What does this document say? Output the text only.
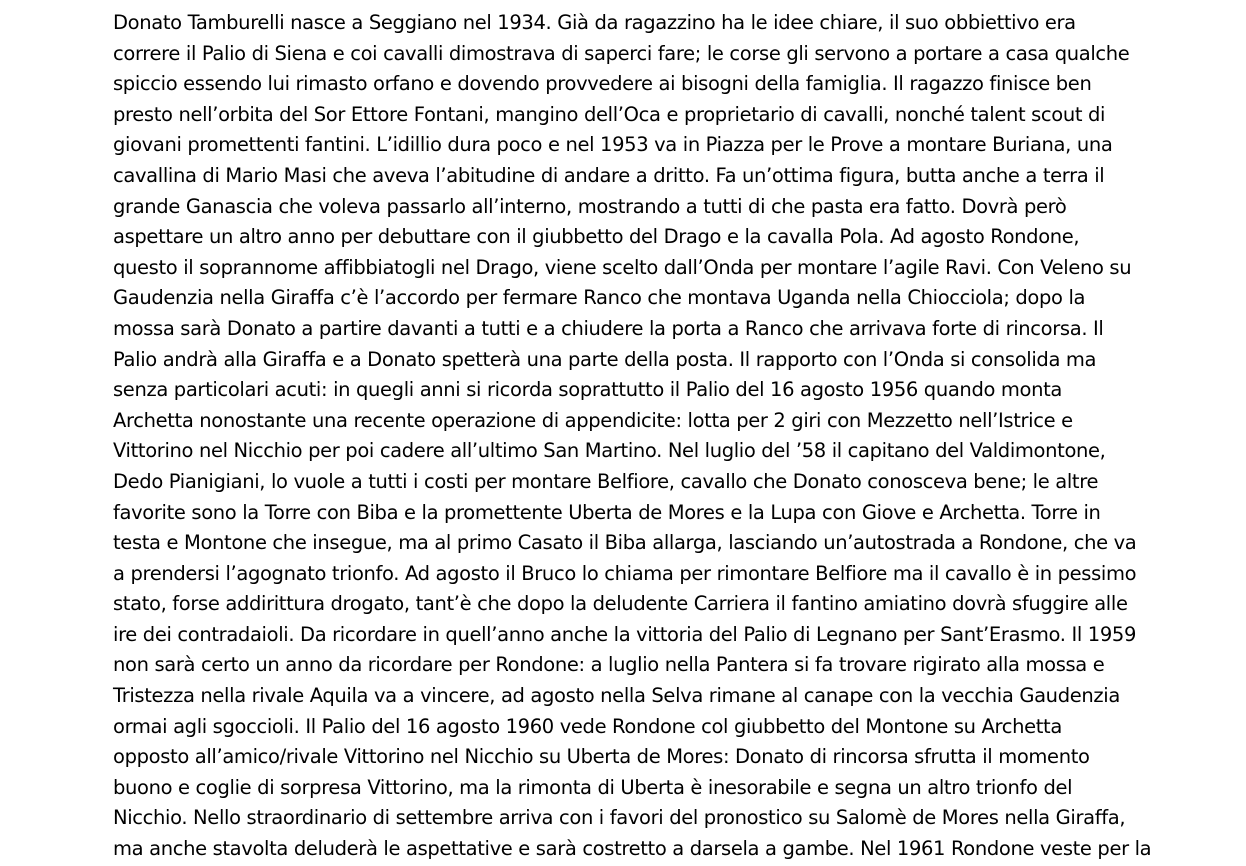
Donato Tamburelli nasce a Seggiano nel 1934. Già da ragazzino ha le idee chiare, il suo obbiettivo era
correre il Palio di Siena e coi cavalli dimostrava di saperci fare; le corse gli servono a portare a casa qualche
spiccio essendo lui rimasto orfano e dovendo provvedere ai bisogni della famiglia. Il ragazzo finisce ben
presto nell’orbita del Sor Ettore Fontani, mangino dell’Oca e proprietario di cavalli, nonché talent scout di
giovani promettenti fantini. L’idillio dura poco e nel 1953 va in Piazza per le Prove a montare Buriana, una
cavallina di Mario Masi che aveva l’abitudine di andare a dritto. Fa un’ottima figura, butta anche a terra il
grande Ganascia che voleva passarlo all’interno, mostrando a tutti di che pasta era fatto. Dovrà però
aspettare un altro anno per debuttare con il giubbetto del Drago e la cavalla Pola. Ad agosto Rondone,
questo il soprannome affibbiatogli nel Drago, viene scelto dall’Onda per montare l’agile Ravi. Con Veleno su
Gaudenzia nella Giraffa c’è l’accordo per fermare Ranco che montava Uganda nella Chiocciola; dopo la
mossa sarà Donato a partire davanti a tutti e a chiudere la porta a Ranco che arrivava forte di rincorsa. Il
Palio andrà alla Giraffa e a Donato spetterà una parte della posta. Il rapporto con l’Onda si consolida ma
senza particolari acuti: in quegli anni si ricorda soprattutto il Palio del 16 agosto 1956 quando monta
Archetta nonostante una recente operazione di appendicite: lotta per 2 giri con Mezzetto nell’Istrice e
Vittorino nel Nicchio per poi cadere all’ultimo San Martino. Nel luglio del ’58 il capitano del Valdimontone,
Dedo Pianigiani, lo vuole a tutti i costi per montare Belfiore, cavallo che Donato conosceva bene; le altre
favorite sono la Torre con Biba e la promettente Uberta de Mores e la Lupa con Giove e Archetta. Torre in
testa e Montone che insegue, ma al primo Casato il Biba allarga, lasciando un’autostrada a Rondone, che va
a prendersi l’agognato trionfo. Ad agosto il Bruco lo chiama per rimontare Belfiore ma il cavallo è in pessimo
stato, forse addirittura drogato, tant’è che dopo la deludente Carriera il fantino amiatino dovrà sfuggire alle
ire dei contradaioli. Da ricordare in quell’anno anche la vittoria del Palio di Legnano per Sant’Erasmo. Il 1959
non sarà certo un anno da ricordare per Rondone: a luglio nella Pantera si fa trovare rigirato alla mossa e
Tristezza nella rivale Aquila va a vincere, ad agosto nella Selva rimane al canape con la vecchia Gaudenzia
ormai agli sgoccioli. Il Palio del 16 agosto 1960 vede Rondone col giubbetto del Montone su Archetta
opposto all’amico/rivale Vittorino nel Nicchio su Uberta de Mores: Donato di rincorsa sfrutta il momento
buono e coglie di sorpresa Vittorino, ma la rimonta di Uberta è inesorabile e segna un altro trionfo del
Nicchio. Nello straordinario di settembre arriva con i favori del pronostico su Salomè de Mores nella Giraffa,
ma anche stavolta deluderà le aspettative e sarà costretto a darsela a gambe. Nel 1961 Rondone veste per la
